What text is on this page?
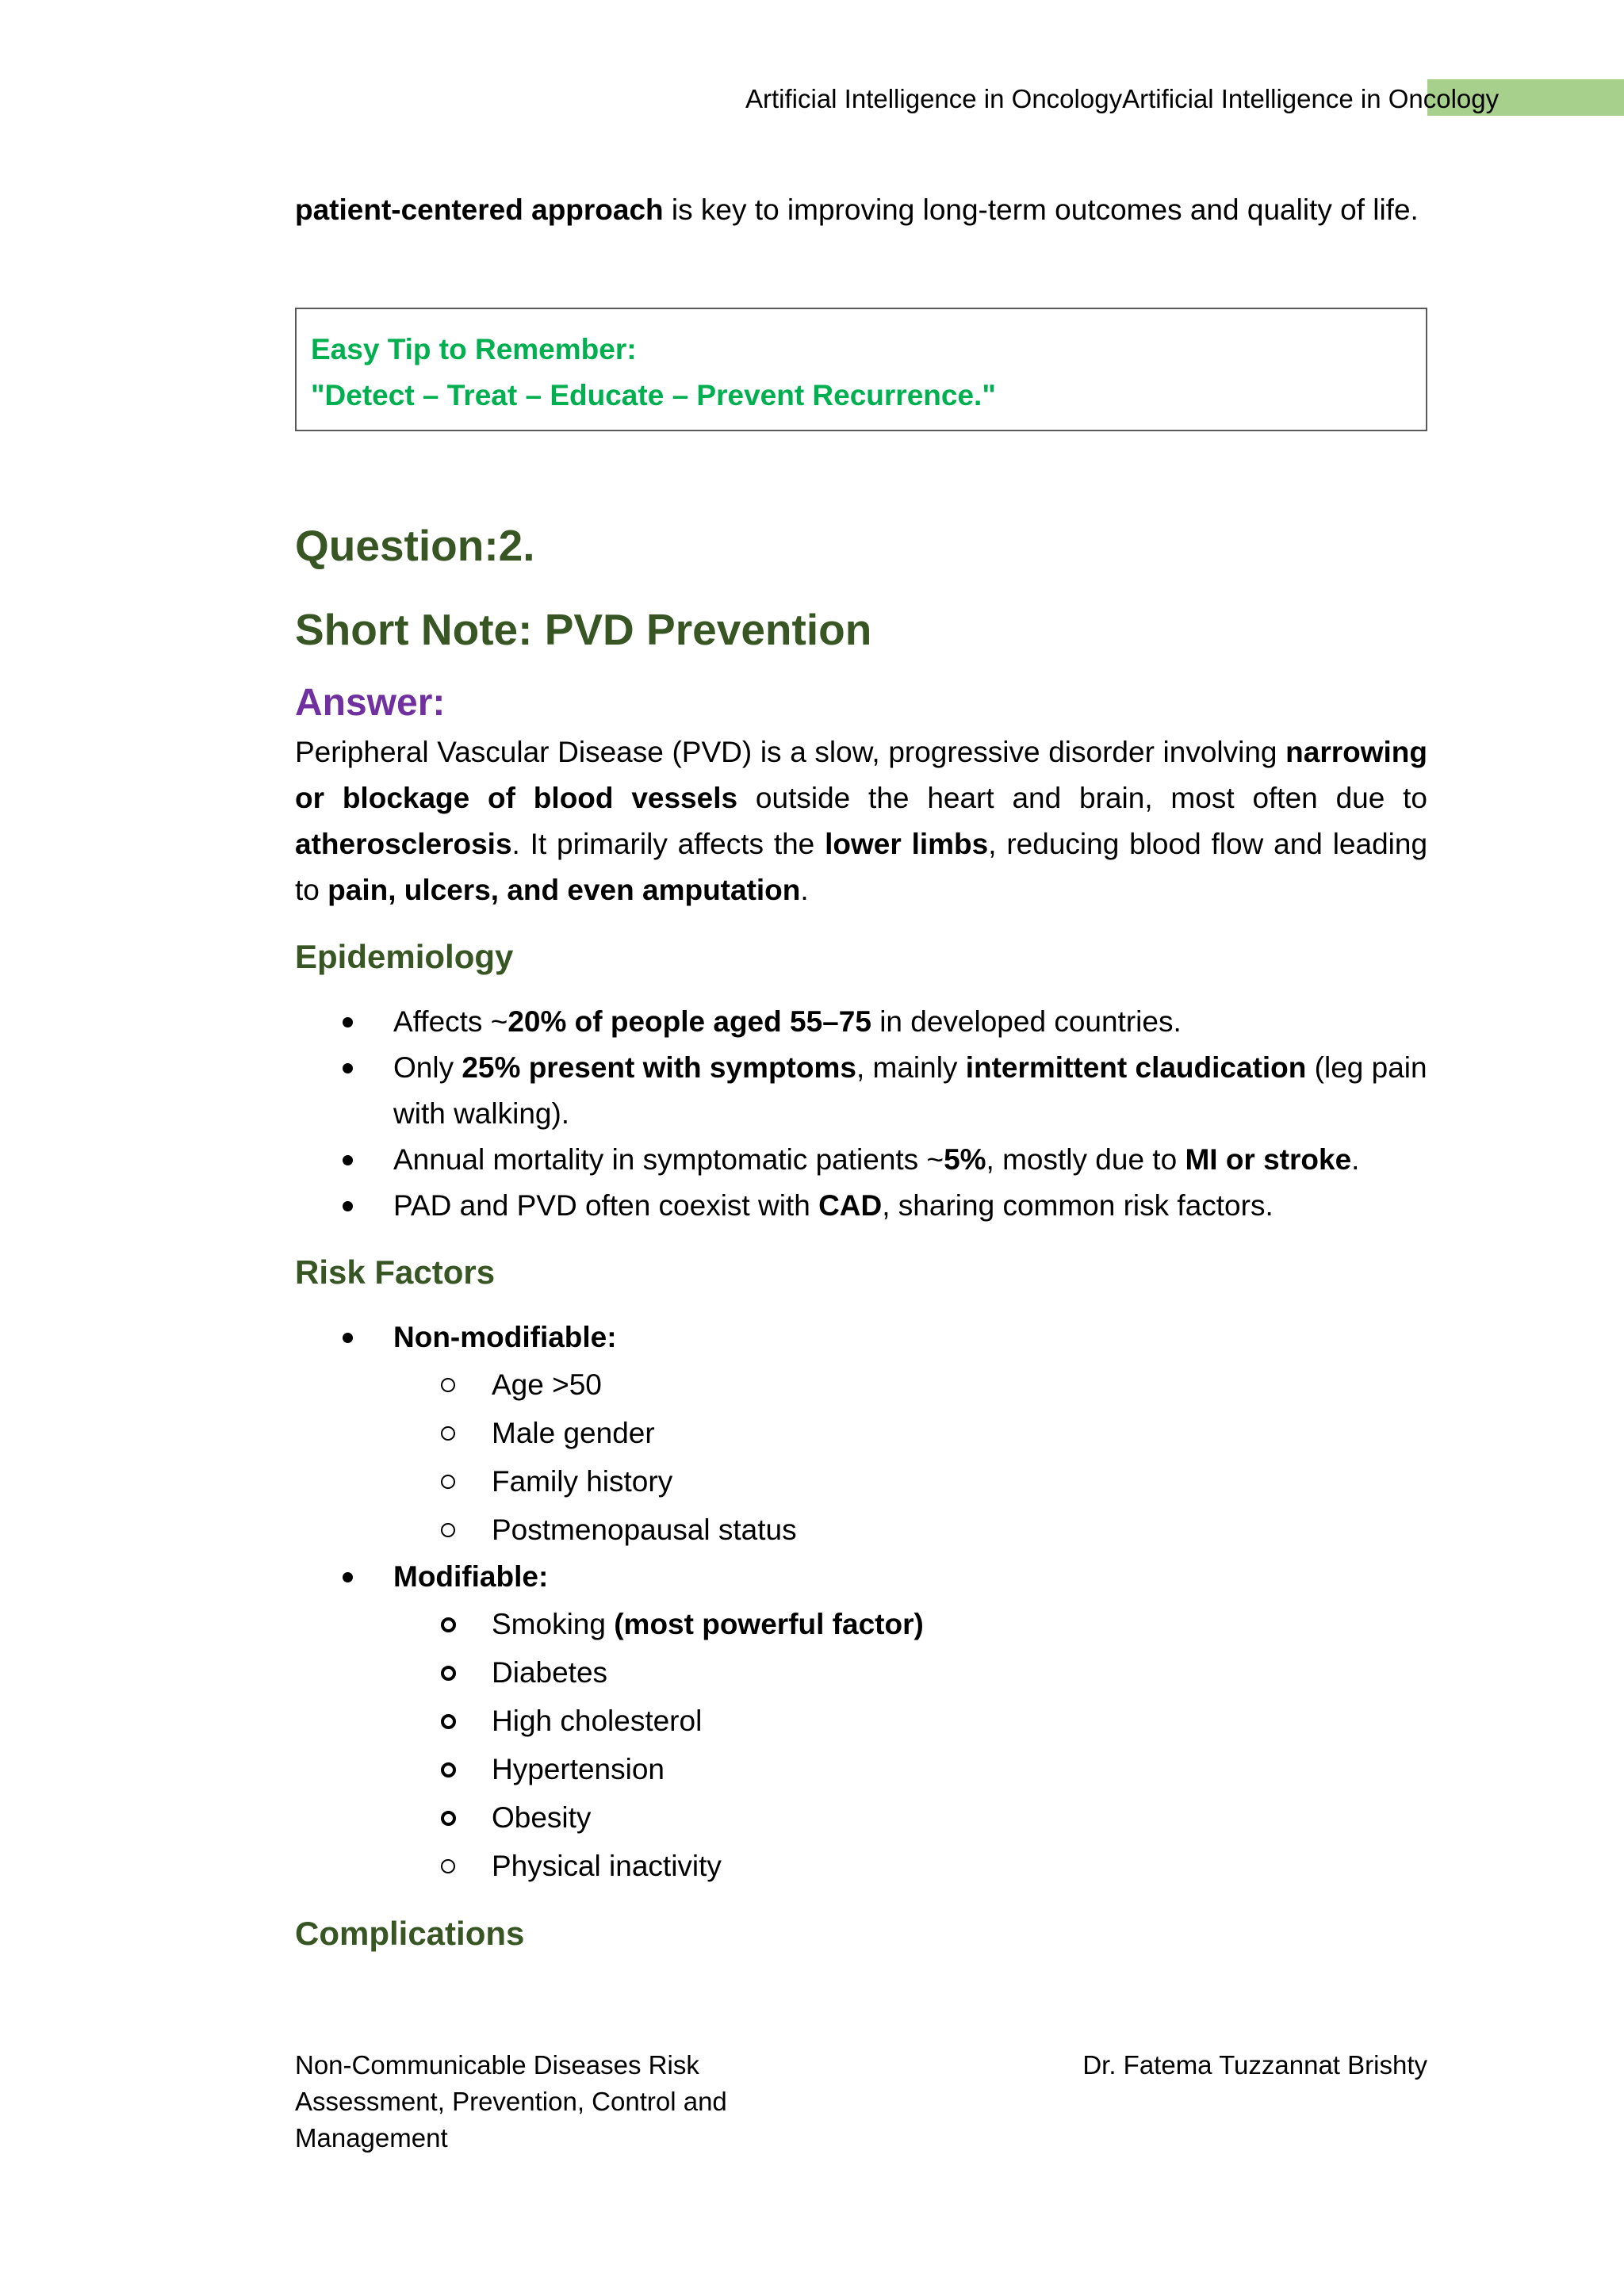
Artificial Intelligence in OncologyArtificial Intelligence in Oncology

patient-centered approach is key to improving long-term outcomes and quality of life.

Easy Tip to Remember:
"Detect – Treat – Educate – Prevent Recurrence."
Question:2.
Short Note: PVD Prevention
Answer:

Peripheral Vascular Disease (PVD) is a slow, progressive disorder involving narrowing or blockage of blood vessels outside the heart and brain, most often due to atherosclerosis. It primarily affects the lower limbs, reducing blood flow and leading to pain, ulcers, and even amputation.

Epidemiology
Affects ~20% of people aged 55–75 in developed countries.
Only 25% present with symptoms, mainly intermittent claudication (leg pain with walking).
Annual mortality in symptomatic patients ~5%, mostly due to MI or stroke.
PAD and PVD often coexist with CAD, sharing common risk factors.
Risk Factors
Non-modifiable:
Age >50
Male gender
Family history
Postmenopausal status
Modifiable:
Smoking (most powerful factor)
Diabetes
High cholesterol
Hypertension
Obesity
Physical inactivity
Complications
Non-Communicable Diseases Risk Assessment, Prevention, Control and Management
Dr. Fatema Tuzzannat Brishty
